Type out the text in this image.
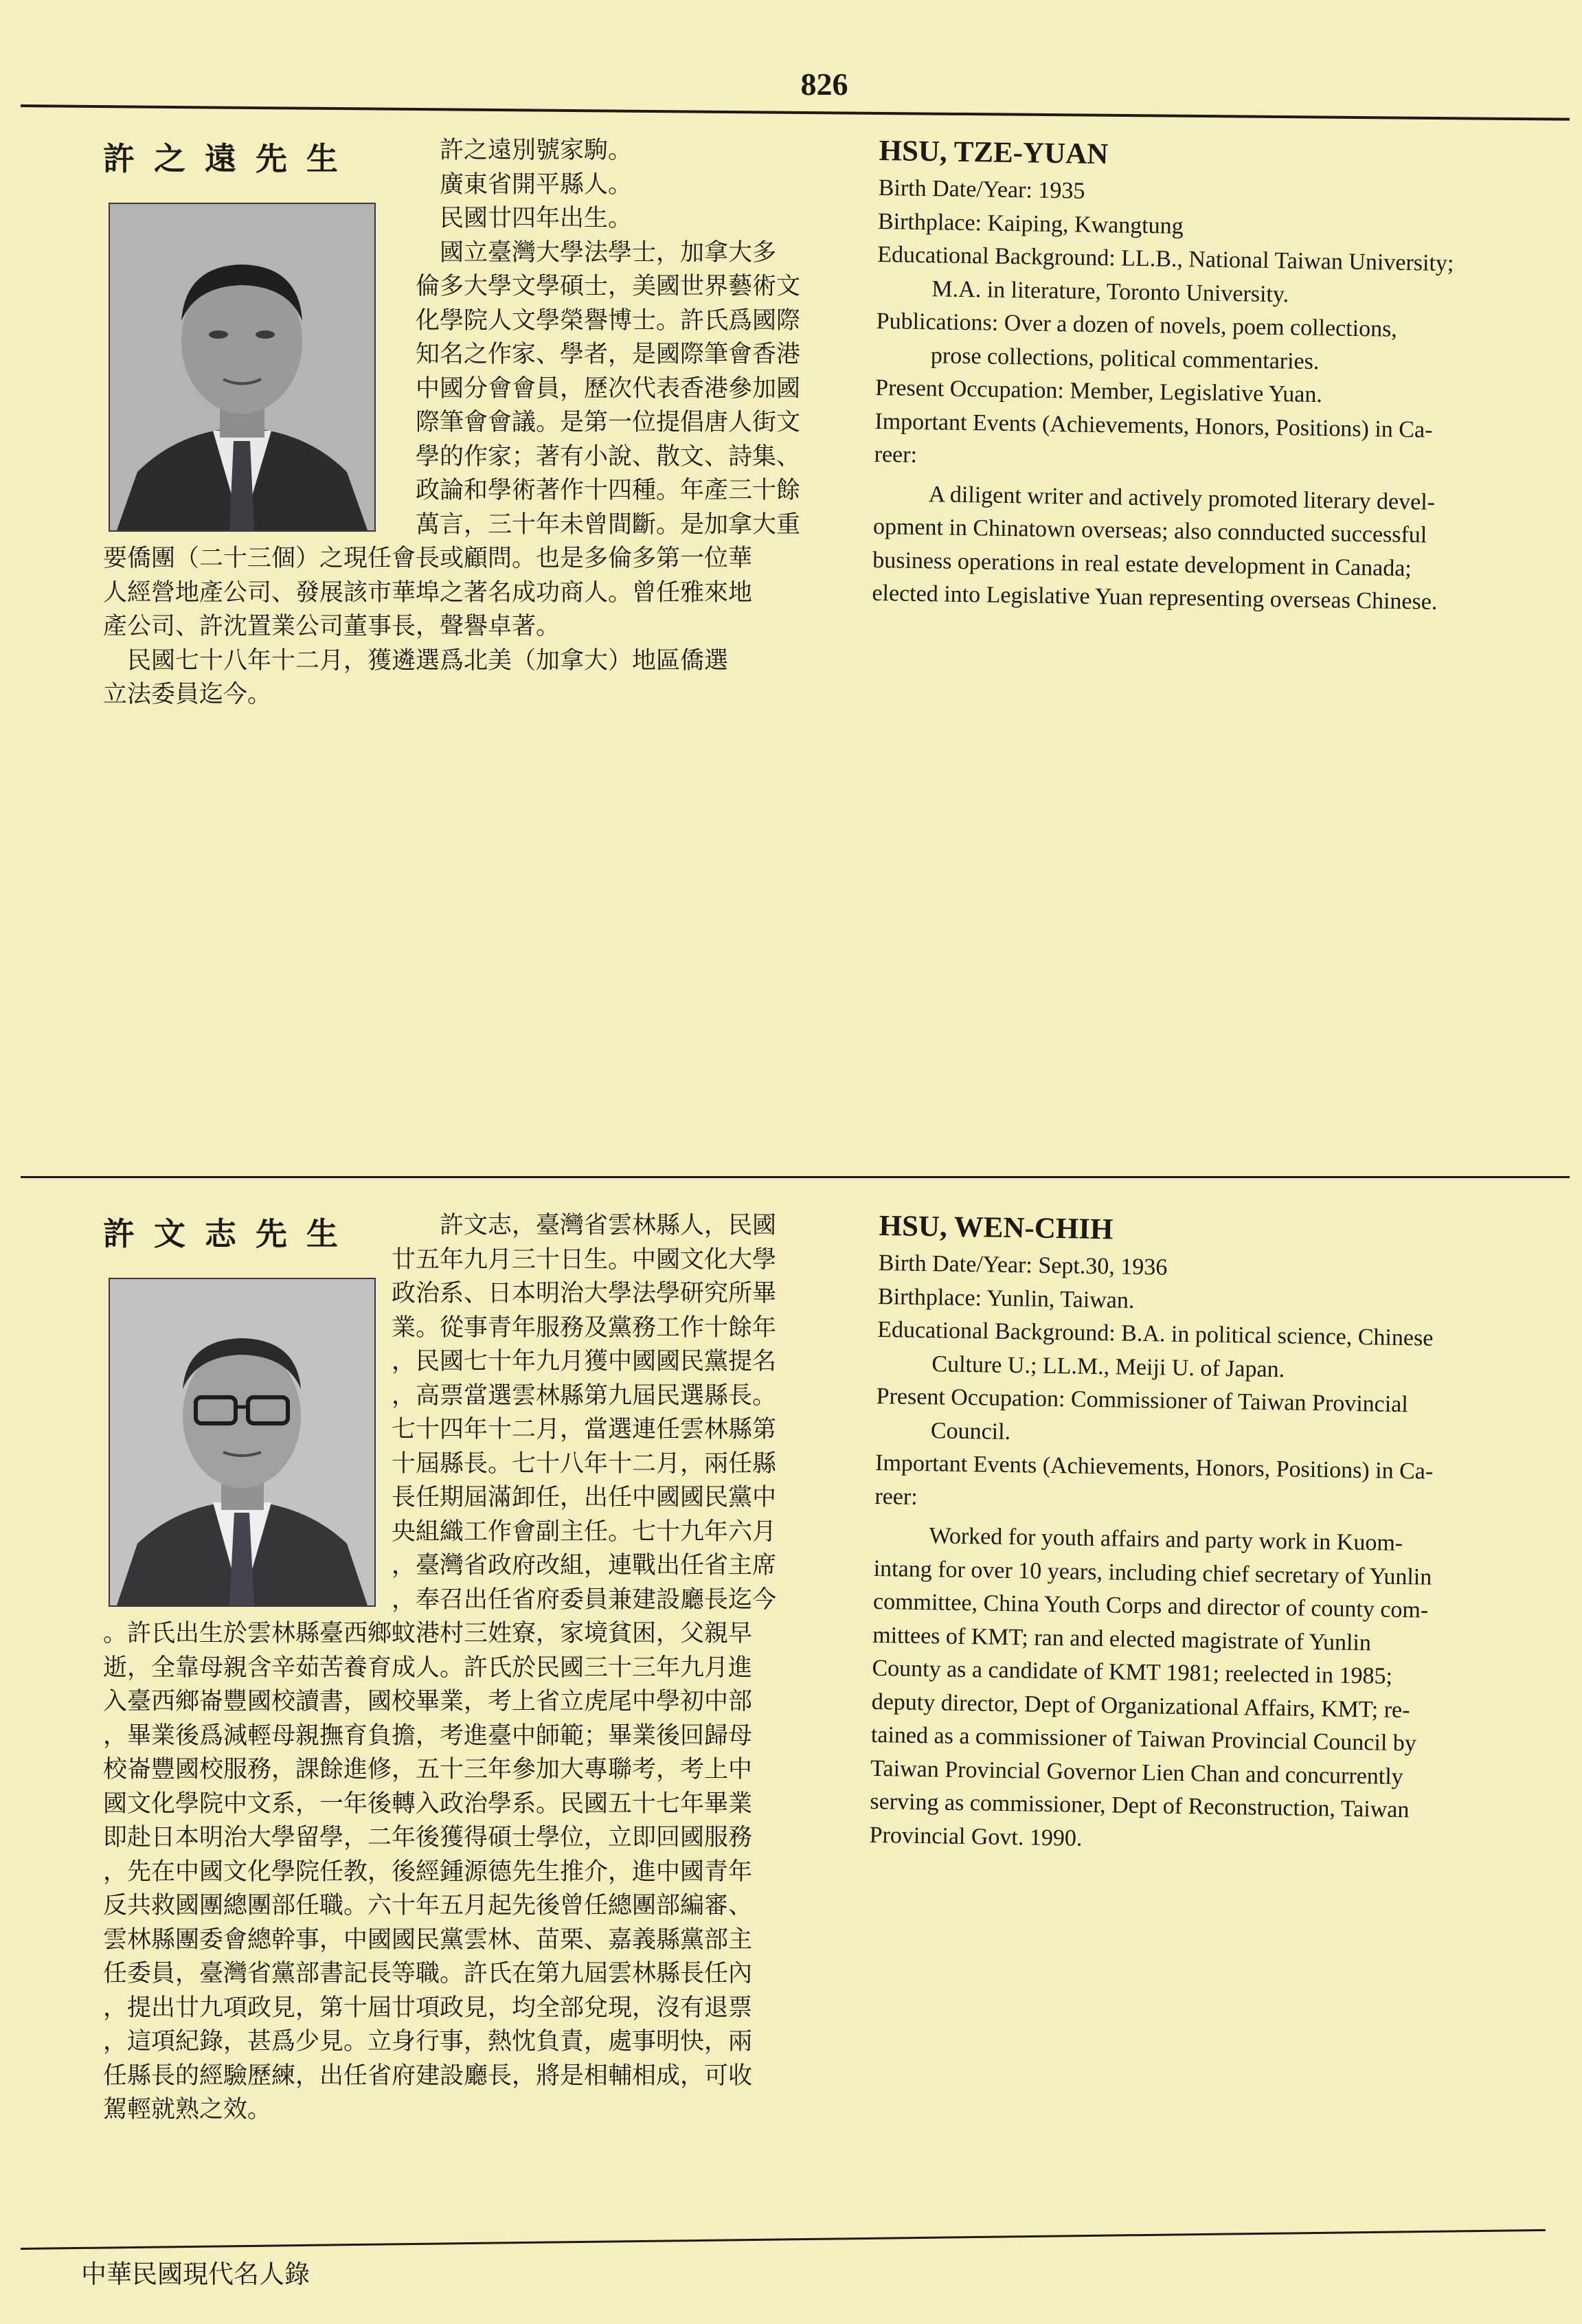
826
許之遠先生	許之遠別號家駒。
廣東省開平縣人。
民國廿四年出生。
國立臺灣大學法學士，加拿大多
倫多大學文學碩士，美國世界藝術文
化學院人文學榮譽博士。許氏爲國際
知名之作家、學者，是國際筆會香港
中國分會會員，歷次代表香港參加國
際筆會會議。是第一位提倡唐人街文
學的作家；著有小說、散文、詩集、
政論和學術著作十四種。年產三十餘
萬言，三十年未曾間斷。是加拿大重
要僑團（二十三個）之現任會長或顧問。也是多倫多第一位華
人經營地產公司、發展該市華埠之著名成功商人。曾任雅來地
產公司、許沈置業公司董事長，聲譽卓著。
民國七十八年十二月，獲遴選爲北美（加拿大）地區僑選
立法委員迄今。
HSU, TZE-YUAN
Birth Date/Year: 1935
Birthplace: Kaiping, Kwangtung
Educational Background: LL.B., National Taiwan University;
M.A. in literature, Toronto University.
Publications: Over a dozen of novels, poem collections,
prose collections, political commentaries.
Present Occupation: Member, Legislative Yuan.
Important Events (Achievements, Honors, Positions) in Ca-
reer:
A diligent writer and actively promoted literary devel-
opment in Chinatown overseas; also connducted successful
business operations in real estate development in Canada;
elected into Legislative Yuan representing overseas Chinese.
許文志先生	許文志，臺灣省雲林縣人，民國
廿五年九月三十日生。中國文化大學
政治系、日本明治大學法學研究所畢
業。從事青年服務及黨務工作十餘年
，民國七十年九月獲中國國民黨提名
，高票當選雲林縣第九屆民選縣長。
七十四年十二月，當選連任雲林縣第
十屆縣長。七十八年十二月，兩任縣
長任期屆滿卸任，出任中國國民黨中
央組織工作會副主任。七十九年六月
，臺灣省政府改組，連戰出任省主席
，奉召出任省府委員兼建設廳長迄今
。許氏出生於雲林縣臺西鄉蚊港村三姓寮，家境貧困，父親早
逝，全靠母親含辛茹苦養育成人。許氏於民國三十三年九月進
入臺西鄉崙豐國校讀書，國校畢業，考上省立虎尾中學初中部
，畢業後爲減輕母親撫育負擔，考進臺中師範；畢業後回歸母
校崙豐國校服務，課餘進修，五十三年參加大專聯考，考上中
國文化學院中文系，一年後轉入政治學系。民國五十七年畢業
即赴日本明治大學留學，二年後獲得碩士學位，立即回國服務
，先在中國文化學院任教，後經鍾源德先生推介，進中國青年
反共救國團總團部任職。六十年五月起先後曾任總團部編審、
雲林縣團委會總幹事，中國國民黨雲林、苗栗、嘉義縣黨部主
任委員，臺灣省黨部書記長等職。許氏在第九屆雲林縣長任內
，提出廿九項政見，第十屆廿項政見，均全部兌現，沒有退票
，這項紀錄，甚爲少見。立身行事，熱忱負責，處事明快，兩
任縣長的經驗歷練，出任省府建設廳長，將是相輔相成，可收
駕輕就熟之效。
HSU, WEN-CHIH
Birth Date/Year: Sept.30, 1936
Birthplace: Yunlin, Taiwan.
Educational Background: B.A. in political science, Chinese
Culture U.; LL.M., Meiji U. of Japan.
Present Occupation: Commissioner of Taiwan Provincial
Council.
Important Events (Achievements, Honors, Positions) in Ca-
reer:
Worked for youth affairs and party work in Kuom-
intang for over 10 years, including chief secretary of Yunlin
committee, China Youth Corps and director of county com-
mittees of KMT; ran and elected magistrate of Yunlin
County as a candidate of KMT 1981; reelected in 1985;
deputy director, Dept of Organizational Affairs, KMT; re-
tained as a commissioner of Taiwan Provincial Council by
Taiwan Provincial Governor Lien Chan and concurrently
serving as commissioner, Dept of Reconstruction, Taiwan
Provincial Govt. 1990.
中華民國現代名人錄
